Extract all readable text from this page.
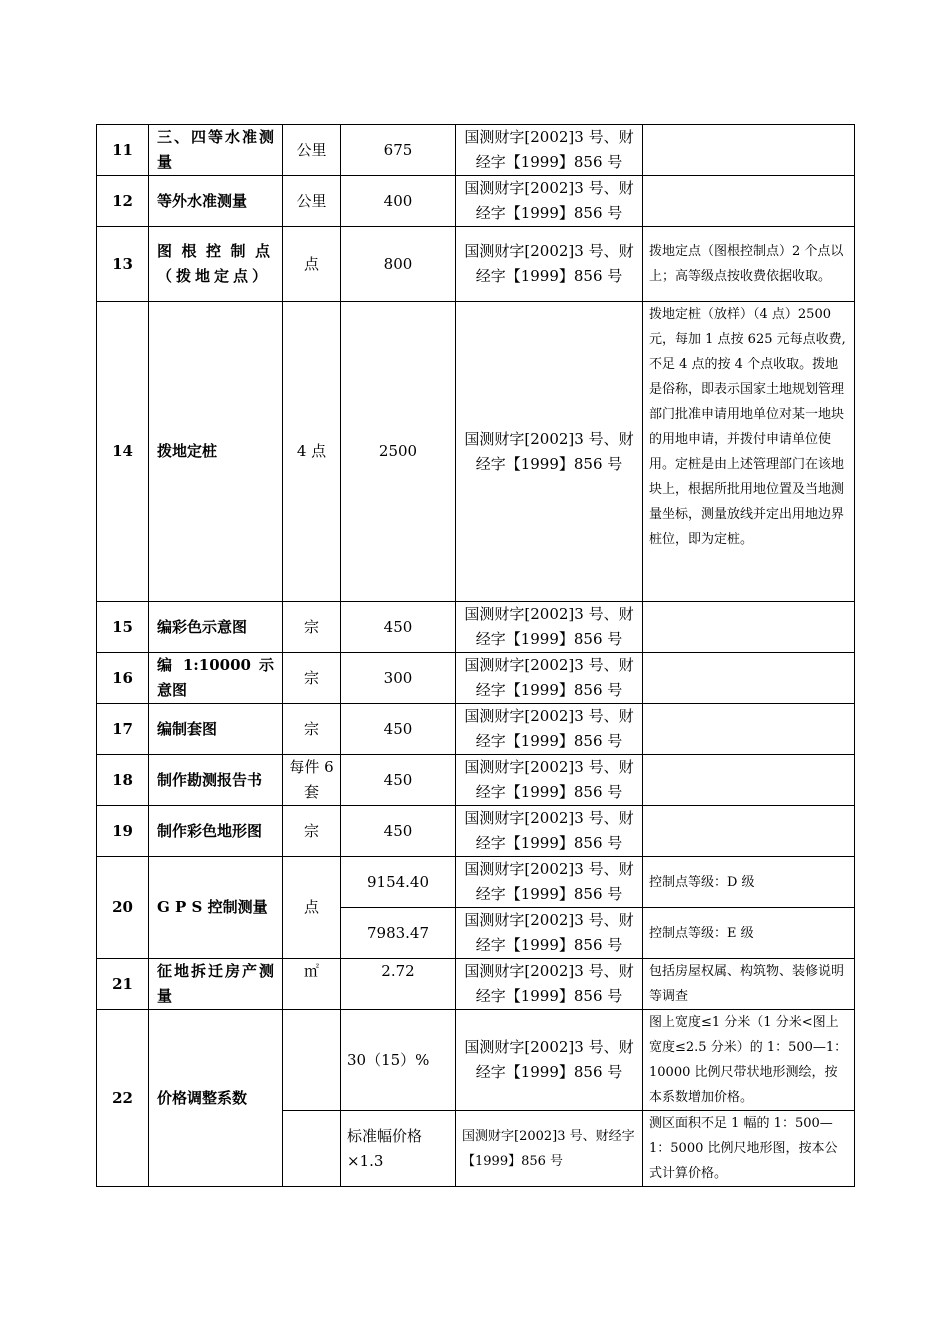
11	三、四等水准测量	公里	675	国测财字[2002]3 号、财经字【1999】856 号	
12	等外水准测量	公里	400	国测财字[2002]3 号、财经字【1999】856 号	
13	图根控制点（拨地定点）	点	800	国测财字[2002]3 号、财经字【1999】856 号	拨地定点（图根控制点）2 个点以上；高等级点按收费依据收取。
14	拨地定桩	4 点	2500	国测财字[2002]3 号、财经字【1999】856 号	拨地定桩（放样）（4 点）2500 元，每加 1 点按 625 元每点收费,不足 4 点的按 4 个点收取。拨地是俗称，即表示国家土地规划管理部门批准申请用地单位对某一地块的用地申请，并拨付申请单位使用。定桩是由上述管理部门在该地块上，根据所批用地位置及当地测量坐标，测量放线并定出用地边界桩位，即为定桩。
15	编彩色示意图	宗	450	国测财字[2002]3 号、财经字【1999】856 号	
16	编 1:10000 示意图	宗	300	国测财字[2002]3 号、财经字【1999】856 号	
17	编制套图	宗	450	国测财字[2002]3 号、财经字【1999】856 号	
18	制作勘测报告书	每件 6 套	450	国测财字[2002]3 号、财经字【1999】856 号	
19	制作彩色地形图	宗	450	国测财字[2002]3 号、财经字【1999】856 号	
20	G P S 控制测量	点	9154.40	国测财字[2002]3 号、财经字【1999】856 号	控制点等级：D 级
			7983.47	国测财字[2002]3 号、财经字【1999】856 号	控制点等级：E 级
21	征地拆迁房产测量	㎡	2.72	国测财字[2002]3 号、财经字【1999】856 号	包括房屋权属、构筑物、装修说明等调查
22	价格调整系数		30（15）%	国测财字[2002]3 号、财经字【1999】856 号	图上宽度≤1 分米（1 分米<图上宽度≤2.5 分米）的 1：500—1：10000 比例尺带状地形测绘，按本系数增加价格。
			标准幅价格×1.3	国测财字[2002]3 号、财经字【1999】856 号	测区面积不足 1 幅的 1：500—1：5000 比例尺地形图，按本公式计算价格。
